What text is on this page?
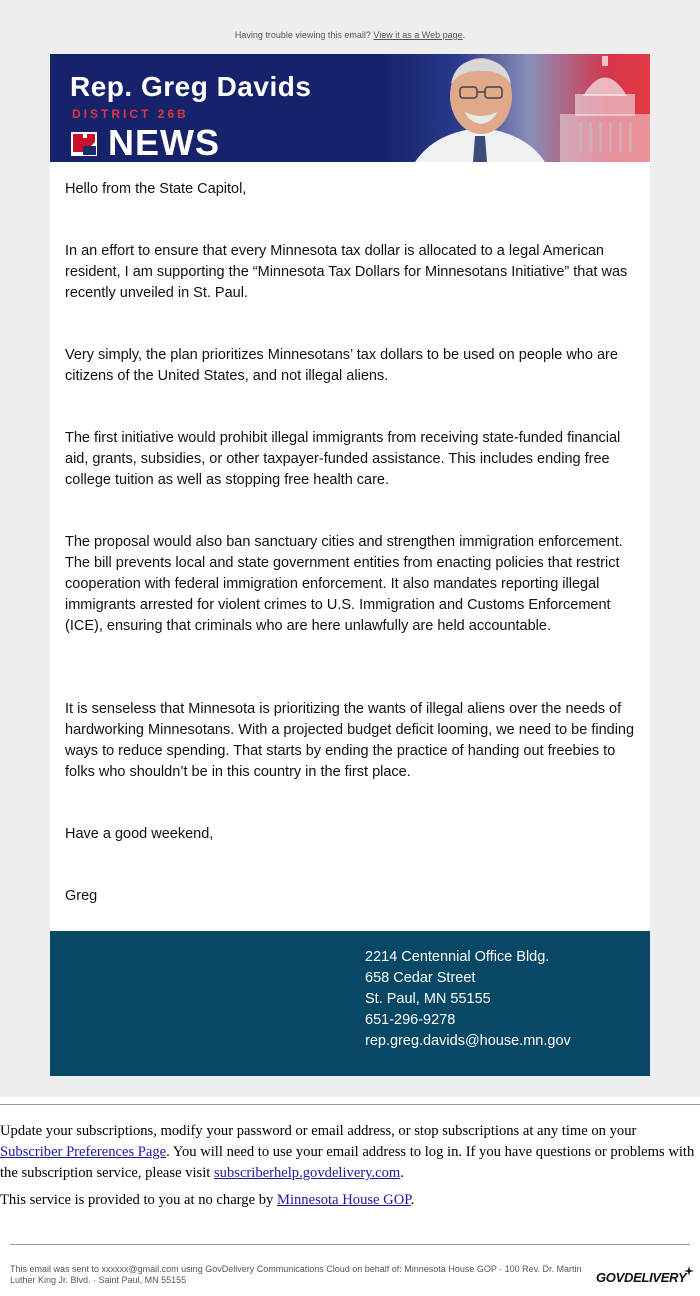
Having trouble viewing this email? View it as a Web page.
Rep. Greg Davids
DISTRICT 26B
NEWS

Hello from the State Capitol,

In an effort to ensure that every Minnesota tax dollar is allocated to a legal American resident, I am supporting the “Minnesota Tax Dollars for Minnesotans Initiative” that was recently unveiled in St. Paul.

Very simply, the plan prioritizes Minnesotans’ tax dollars to be used on people who are citizens of the United States, and not illegal aliens.

The first initiative would prohibit illegal immigrants from receiving state-funded financial aid, grants, subsidies, or other taxpayer-funded assistance. This includes ending free college tuition as well as stopping free health care.

The proposal would also ban sanctuary cities and strengthen immigration enforcement. The bill prevents local and state government entities from enacting policies that restrict cooperation with federal immigration enforcement. It also mandates reporting illegal immigrants arrested for violent crimes to U.S. Immigration and Customs Enforcement (ICE), ensuring that criminals who are here unlawfully are held accountable.

It is senseless that Minnesota is prioritizing the wants of illegal aliens over the needs of hardworking Minnesotans. With a projected budget deficit looming, we need to be finding ways to reduce spending. That starts by ending the practice of handing out freebies to folks who shouldn’t be in this country in the first place.

Have a good weekend,

Greg

2214 Centennial Office Bldg.
658 Cedar Street
St. Paul, MN 55155
651-296-9278
rep.greg.davids@house.mn.gov

Update your subscriptions, modify your password or email address, or stop subscriptions at any time on your Subscriber Preferences Page. You will need to use your email address to log in. If you have questions or problems with the subscription service, please visit subscriberhelp.govdelivery.com.

This service is provided to you at no charge by Minnesota House GOP.

This email was sent to xxxxxx@gmail.com using GovDelivery Communications Cloud on behalf of: Minnesota House GOP · 100 Rev. Dr. Martin Luther King Jr. Blvd. · Saint Paul, MN 55155	GOVDELIVERY
